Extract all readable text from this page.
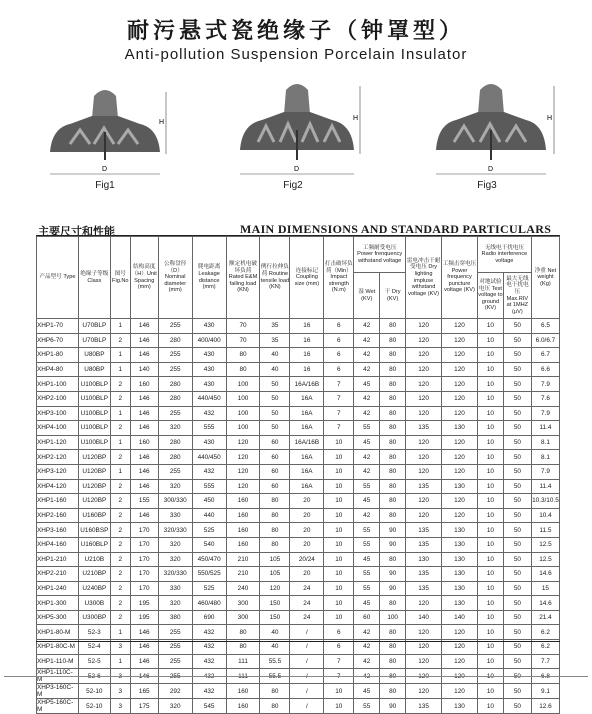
耐污悬式瓷绝缘子（钟罩型）
Anti-pollution Suspension Porcelain Insulator
H
D
Fig1
H
D
Fig2
H
D
Fig3
主要尺寸和性能	MAIN DIMENSIONS AND STANDARD PARTICULARS
产品型号 Type	绝缘子等级 Class	图号 Fig.No	结构高度（H）Unit Spacing (mm)	公称盘径（D）Nominal diameter (mm)	爬电距离 Leakage distance (mm)	额定机电破坏负荷 Rated E&M failing load (KN)	例行拉伸负荷 Routine tensile load (KN)	连接标记 Coupling size (mm)	打击破坏负荷（Min）Impact strength (N.m)	工频耐受电压 Power frenquency withstand voltage		雷电冲击干耐受电压 Dry lighting impluse withstand voltage (KV)	工频击穿电压 Power frequency puncture voltage (KV)	无线电干扰电压 Radio interference voltage		净重 Net weight (Kg)
										湿 Wet (KV)	干 Dry (KV)			对地试验电压 Test voltage to ground (KV)	最大无线电干扰电压 Max.RIV at 1MHZ (μV)	
XHP1-70	U70BLP	1	146	255	430	70	35	16	6	42	80	120	120	10	50	6.5
XHP6-70	U70BLP	2	146	280	400/400	70	35	16	6	42	80	120	120	10	50	6.0/6.7
XHP1-80	U80BP	1	146	255	430	80	40	16	6	42	80	120	120	10	50	6.7
XHP4-80	U80BP	1	140	255	430	80	40	16	6	42	80	120	120	10	50	6.6
XHP1-100	U100BLP	2	160	280	430	100	50	16A/16B	7	45	80	120	120	10	50	7.9
XHP2-100	U100BLP	2	146	280	440/450	100	50	16A	7	42	80	120	120	10	50	7.6
XHP3-100	U100BLP	1	146	255	432	100	50	16A	7	42	80	120	120	10	50	7.9
XHP4-100	U100BLP	2	146	320	555	100	50	16A	7	55	80	135	130	10	50	11.4
XHP1-120	U100BLP	1	160	280	430	120	60	16A/16B	10	45	80	120	120	10	50	8.1
XHP2-120	U120BP	2	146	280	440/450	120	60	16A	10	42	80	120	120	10	50	8.1
XHP3-120	U120BP	1	146	255	432	120	60	16A	10	42	80	120	120	10	50	7.9
XHP4-120	U120BP	2	146	320	555	120	60	16A	10	55	80	135	130	10	50	11.4
XHP1-160	U120BP	2	155	300/330	450	160	80	20	10	45	80	120	120	10	50	10.3/10.5
XHP2-160	U160BP	2	146	330	440	160	80	20	10	42	80	120	120	10	50	10.4
XHP3-160	U160BSP	2	170	320/330	525	160	80	20	10	55	90	135	130	10	50	11.5
XHP4-160	U160BLP	2	170	320	540	160	80	20	10	55	90	135	130	10	50	12.5
XHP1-210	U210B	2	170	320	450/470	210	105	20/24	10	45	80	130	130	10	50	12.5
XHP2-210	U210BP	2	170	320/330	550/525	210	105	20	10	55	90	135	130	10	50	14.6
XHP1-240	U240BP	2	170	330	525	240	120	24	10	55	90	135	130	10	50	15
XHP1-300	U300B	2	195	320	460/480	300	150	24	10	45	80	120	130	10	50	14.6
XHP5-300	U300BP	2	195	380	690	300	150	24	10	60	100	140	140	10	50	21.4
XHP1-80-M	52-3	1	146	255	432	80	40	/	6	42	80	120	120	10	50	6.2
XHP1-80C-M	52-4	3	146	255	432	80	40	/	6	42	80	120	120	10	50	6.2
XHP1-110-M	52-5	1	146	255	432	111	55.5	/	7	42	80	120	120	10	50	7.7
XHP1-110C-M	52-6	3	146	255	432	111	55.5	/	7	42	80	120	120	10	50	6.8
XHP3-160C-M	52-10	3	165	292	432	160	80	/	10	45	80	120	120	10	50	9.1
XHP5-160C-M	52-10	3	175	320	545	160	80	/	10	55	90	135	130	10	50	12.6
